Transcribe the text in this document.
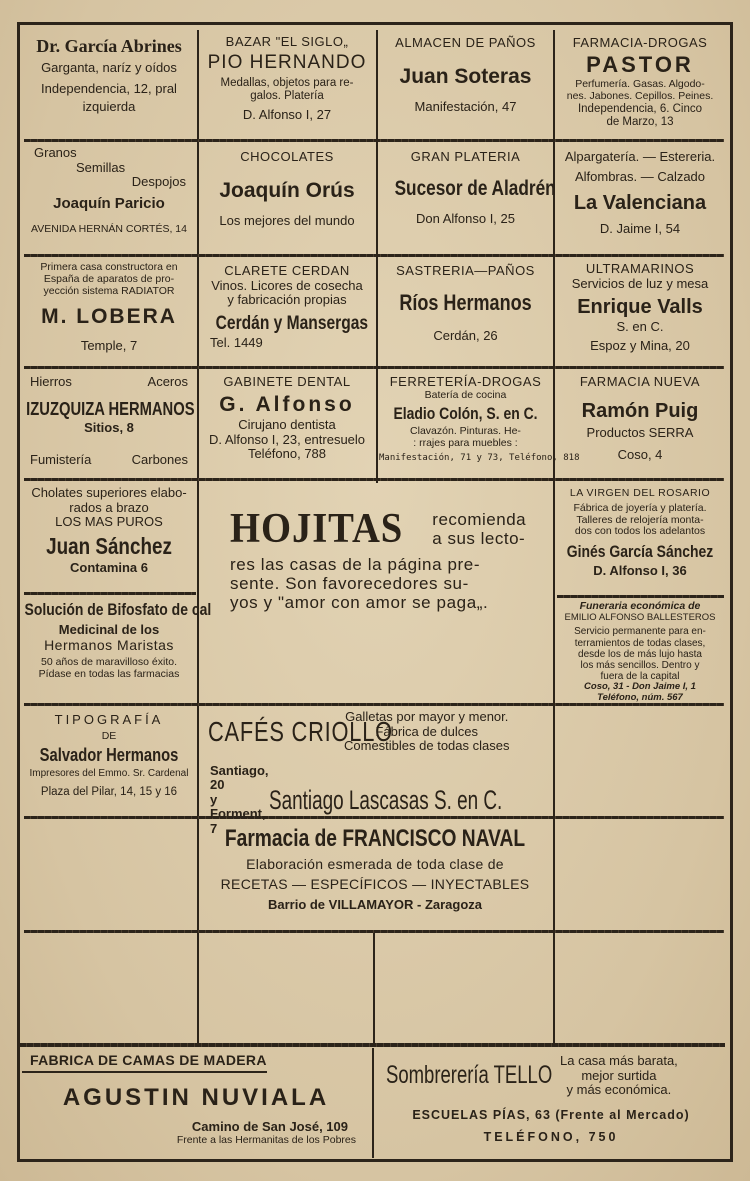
Dr. García Abrines
Garganta, naríz y oídos
Independencia, 12, pral
izquierda
BAZAR "EL SIGLO„
PIO HERNANDO
Medallas, objetos para re-
galos. Platería
D. Alfonso I, 27
ALMACEN DE PAÑOS
Juan Soteras
Manifestación, 47
FARMACIA-DROGAS
PASTOR
Perfumería. Gasas. Algodo-
nes. Jabones. Cepillos. Peines.
Independencia, 6. Cinco
de Marzo, 13
Granos
Semillas
Despojos
Joaquín Paricio
AVENIDA HERNÁN CORTÉS, 14
CHOCOLATES
Joaquín Orús
Los mejores del mundo
GRAN PLATERIA
Sucesor de Aladrén
Don Alfonso I, 25
Alpargatería. — Estereria.
Alfombras. — Calzado
La Valenciana
D. Jaime I, 54
Primera casa constructora en
España de aparatos de pro-
yección sistema RADIATOR
M. LOBERA
Temple, 7
CLARETE CERDAN
Vinos. Licores de cosecha
y fabricación propias
Cerdán y Mansergas
Tel. 1449
SASTRERIA—PAÑOS
Ríos Hermanos
Cerdán, 26
ULTRAMARINOS
Servicios de luz y mesa
Enrique Valls
S. en C.
Espoz y Mina, 20
Hierros	Aceros
IZUZQUIZA HERMANOS
Sitios, 8
Fumistería	Carbones
GABINETE DENTAL
G. Alfonso
Cirujano dentista
D. Alfonso I, 23, entresuelo
Teléfono, 788
FERRETERÍA-DROGAS
Batería de cocina
Eladio Colón, S. en C.
Clavazón. Pinturas. He-
: rrajes para muebles :
Manifestación, 71 y 73, Teléfono, 818
FARMACIA NUEVA
Ramón Puig
Productos SERRA
Coso, 4
Cholates superiores elabo-
rados a brazo
LOS MAS PUROS
Juan Sánchez
Contamina 6
Solución de Bifosfato de cal
Medicinal de los
Hermanos Maristas
50 años de maravilloso éxito.
Pídase en todas las farmacias
HOJITAS recomienda
a sus lecto-
res las casas de la página pre-
sente. Son favorecedores su-
yos y "amor con amor se paga„.
LA VIRGEN DEL ROSARIO
Fábrica de joyería y platería.
Talleres de relojería monta-
dos con todos los adelantos
Ginés García Sánchez
D. Alfonso I, 36
Funeraria económica de
EMILIO ALFONSO BALLESTEROS
Servicio permanente para en-
terramientos de todas clases,
desde los de más lujo hasta
los más sencillos. Dentro y
fuera de la capital
Coso, 31 - Don Jaime I, 1
Teléfono, núm. 567
TIPOGRAFÍA
DE
Salvador Hermanos
Impresores del Emmo. Sr. Cardenal
Plaza del Pilar, 14, 15 y 16
CAFÉS CRIOLLO
Galletas por mayor y menor.
Fábrica de dulces
Comestibles de todas clases
Santiago, 20
y Forment, 7
Santiago Lascasas S. en C.
Farmacia de FRANCISCO NAVAL
Elaboración esmerada de toda clase de
RECETAS — ESPECÍFICOS — INYECTABLES
Barrio de VILLAMAYOR - Zaragoza
FABRICA DE CAMAS DE MADERA
AGUSTIN NUVIALA
Camino de San José, 109
Frente a las Hermanitas de los Pobres
Sombrerería TELLO
La casa más barata,
mejor surtida
y más económica.
ESCUELAS PÍAS, 63 (Frente al Mercado)
TELÉFONO, 750
